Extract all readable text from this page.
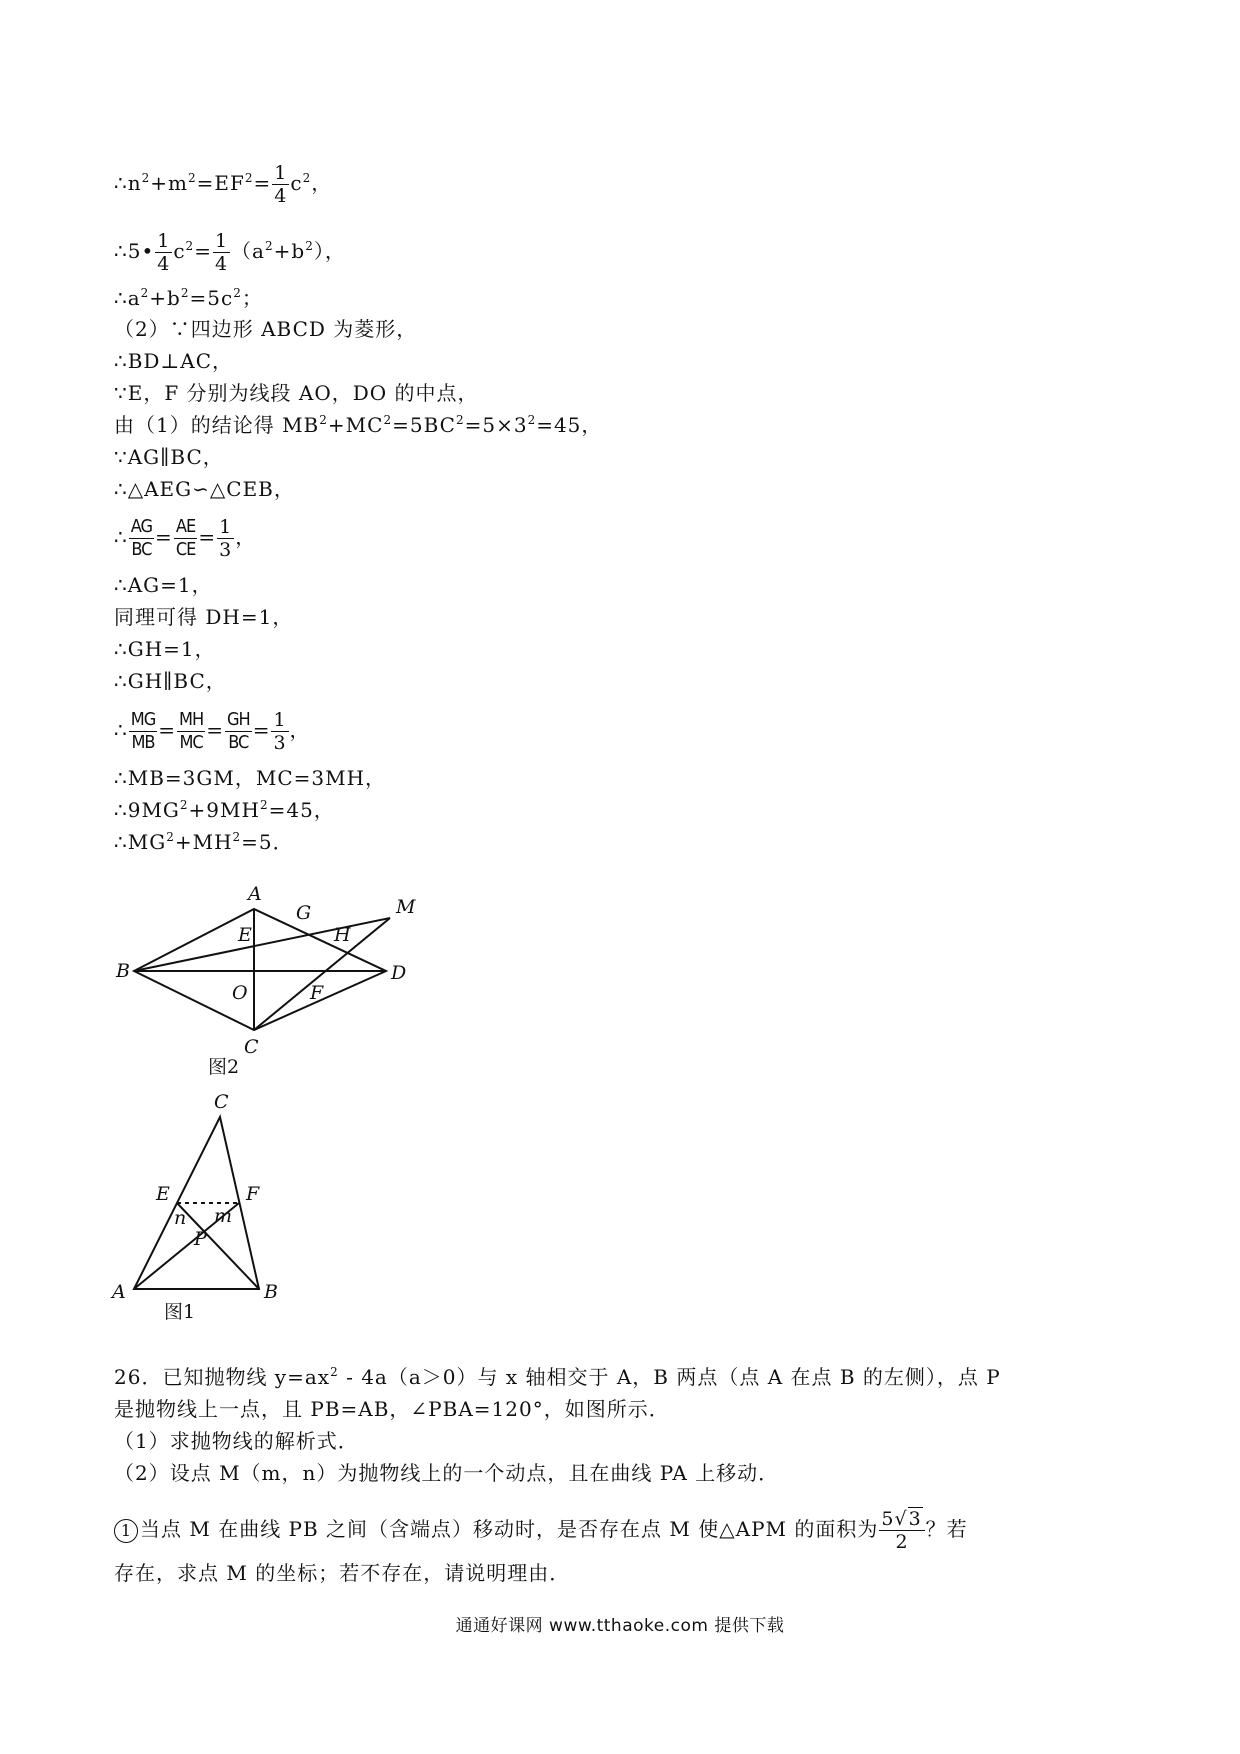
$\therefore n^2+m^2=EF^2= \frac{1}{4} c^2$，
∴5• $\frac{1}{4} c^2= \frac{1}{4} (a^2+b^2)$，
$\therefore a^2+b^2=5c^2$；
（2）∵四边形 ABCD 为菱形，
∴BD⊥AC，
∵E，F 分别为线段 AO，DO 的中点，
由（1）的结论得 $MB^2+MC^2=5BC^2=5\times 3^2=45$，
∵AG∥BC，
∴△AEG∽△CEB，
∴ $\frac{AG}{BC} = \frac{AE}{CE} = \frac{1}{3}$ ，
∴AG=1，
同理可得 DH=1，
∴GH=1，
∴GH∥BC，
∴ $\frac{MG}{MB} = \frac{MH}{MC} = \frac{GH}{BC} = \frac{1}{3}$ ，
∴MB=3GM，MC=3MH，
$\therefore 9MG^2+9MH^2=45$，
$\therefore MG^2+MH^2=5$．
A
B
C
D
E
F
G
H
M
O
图2
C
E	F
P
n m
A	B
图1
26．已知抛物线 $y=ax^2 - 4a(a>0)$与 x 轴相交于 A，B 两点（点 A 在点 B 的左侧），点 P
是抛物线上一点，且 PB=AB，∠PBA=120°，如图所示．
（1）求抛物线的解析式．
（2）设点 M（m，n）为抛物线上的一个动点，且在曲线 PA 上移动．
1 当点 M 在曲线 PB 之间（含端点）移动时，是否存在点 M 使△APM 的面积为 $\frac{5√3}{2}$ ？若
存在，求点 M 的坐标；若不存在，请说明理由．
通通好课网 www.tthaoke.com 提供下载
